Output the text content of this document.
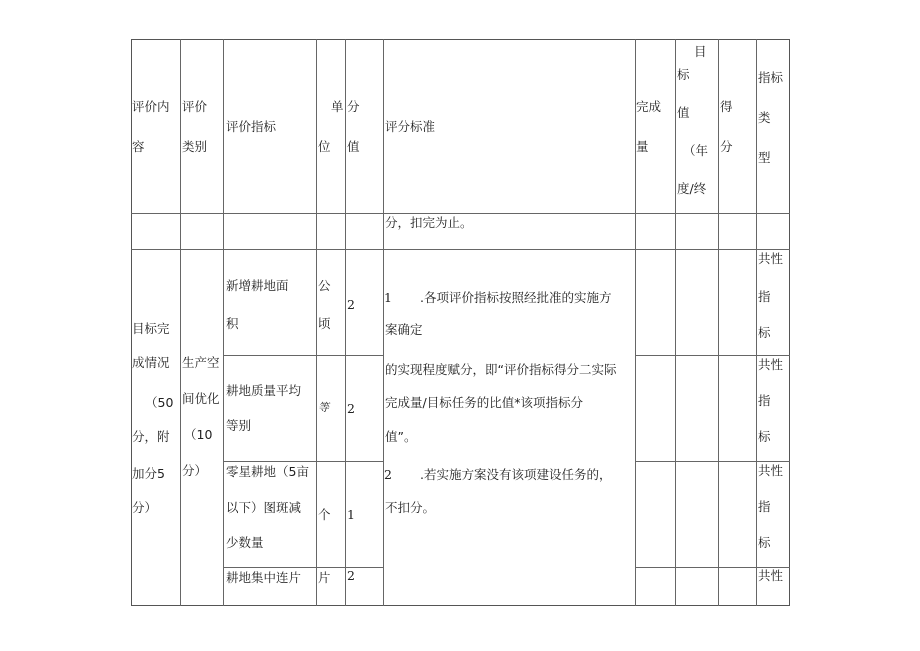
评价内
容
评价
类别
评价指标
单
位
分
值
评分标准
完成
量
目
标
值
（年
度/终
得
分
指标
类
型
分，扣完为止。
目标完
成情况
（50
分，附
加分5
分）
生产空
间优化
（10
分）
新增耕地面
积
公
顷
2
共性
指
标
耕地质量平均
等别
等 2
共性
指
标
零星耕地（5亩
以下）图斑减
少数量
个 1
共性
指
标
耕地集中连片 片 2	共性
1 .各项评价指标按照经批准的实施方
案确定
的实现程度赋分，即“评价指标得分二实际
完成量/目标任务的比值*该项指标分
值”。
2 .若实施方案没有该项建设任务的，
不扣分。
